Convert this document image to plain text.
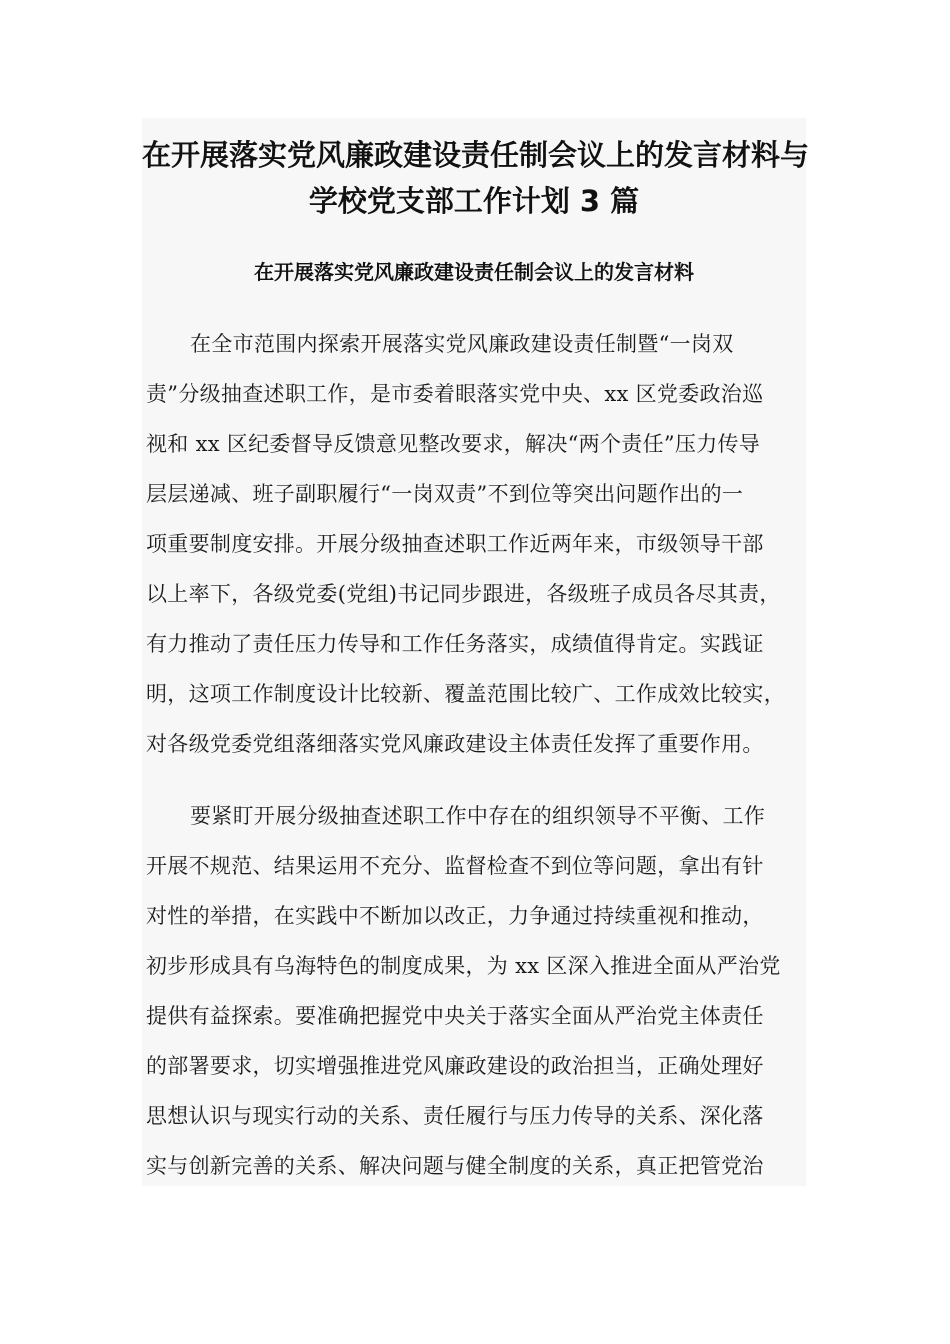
在开展落实党风廉政建设责任制会议上的发言材料与
学校党支部工作计划 3 篇
在开展落实党风廉政建设责任制会议上的发言材料
在全市范围内探索开展落实党风廉政建设责任制暨“一岗双
责”分级抽查述职工作，是市委着眼落实党中央、xx 区党委政治巡
视和 xx 区纪委督导反馈意见整改要求，解决“两个责任”压力传导
层层递减、班子副职履行“一岗双责”不到位等突出问题作出的一
项重要制度安排。开展分级抽查述职工作近两年来，市级领导干部
以上率下，各级党委(党组)书记同步跟进，各级班子成员各尽其责，
有力推动了责任压力传导和工作任务落实，成绩值得肯定。实践证
明，这项工作制度设计比较新、覆盖范围比较广、工作成效比较实，
对各级党委党组落细落实党风廉政建设主体责任发挥了重要作用。
要紧盯开展分级抽查述职工作中存在的组织领导不平衡、工作
开展不规范、结果运用不充分、监督检查不到位等问题，拿出有针
对性的举措，在实践中不断加以改正，力争通过持续重视和推动，
初步形成具有乌海特色的制度成果，为 xx 区深入推进全面从严治党
提供有益探索。要准确把握党中央关于落实全面从严治党主体责任
的部署要求，切实增强推进党风廉政建设的政治担当，正确处理好
思想认识与现实行动的关系、责任履行与压力传导的关系、深化落
实与创新完善的关系、解决问题与健全制度的关系，真正把管党治
